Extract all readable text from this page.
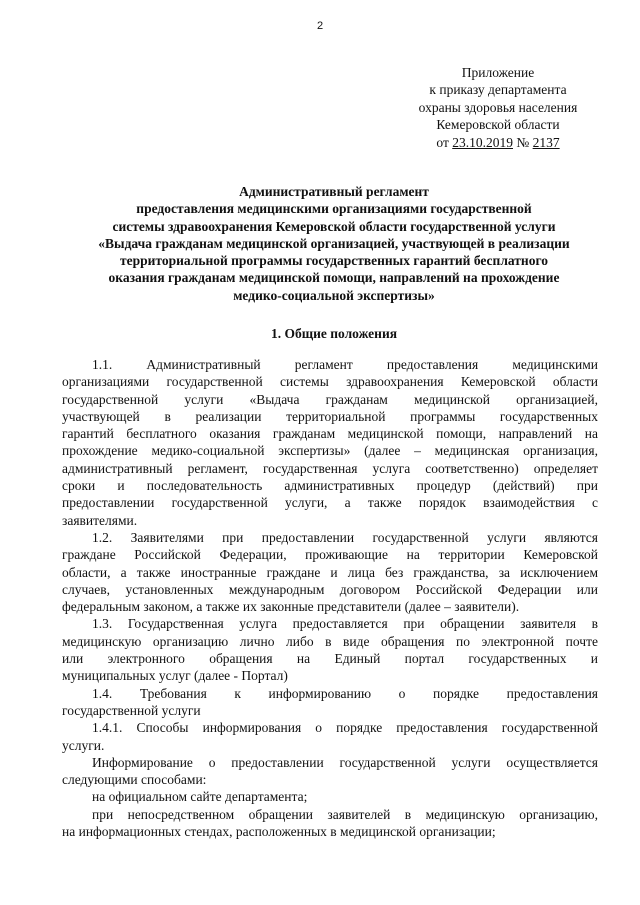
2
Приложение
к приказу департамента
охраны здоровья населения
Кемеровской области
от 23.10.2019 № 2137
Административный регламент
предоставления медицинскими организациями государственной
системы здравоохранения Кемеровской области государственной услуги
«Выдача гражданам медицинской организацией, участвующей в реализации
территориальной программы государственных гарантий бесплатного
оказания гражданам медицинской помощи, направлений на прохождение
медико-социальной экспертизы»
1. Общие положения
1.1. Административный регламент предоставления медицинскими
организациями государственной системы здравоохранения Кемеровской области
государственной услуги «Выдача гражданам медицинской организацией,
участвующей в реализации территориальной программы государственных
гарантий бесплатного оказания гражданам медицинской помощи, направлений на
прохождение медико-социальной экспертизы» (далее – медицинская организация,
административный регламент, государственная услуга соответственно) определяет
сроки и последовательность административных процедур (действий) при
предоставлении государственной услуги, а также порядок взаимодействия с
заявителями.
1.2. Заявителями при предоставлении государственной услуги являются
граждане Российской Федерации, проживающие на территории Кемеровской
области, а также иностранные граждане и лица без гражданства, за исключением
случаев, установленных международным договором Российской Федерации или
федеральным законом, а также их законные представители (далее – заявители).
1.3. Государственная услуга предоставляется при обращении заявителя в
медицинскую организацию лично либо в виде обращения по электронной почте
или электронного обращения на Единый портал государственных и
муниципальных услуг (далее - Портал)
1.4. Требования к информированию о порядке предоставления
государственной услуги
1.4.1. Способы информирования о порядке предоставления государственной
услуги.
Информирование о предоставлении государственной услуги осуществляется
следующими способами:
на официальном сайте департамента;
при непосредственном обращении заявителей в медицинскую организацию,
на информационных стендах, расположенных в медицинской организации;
